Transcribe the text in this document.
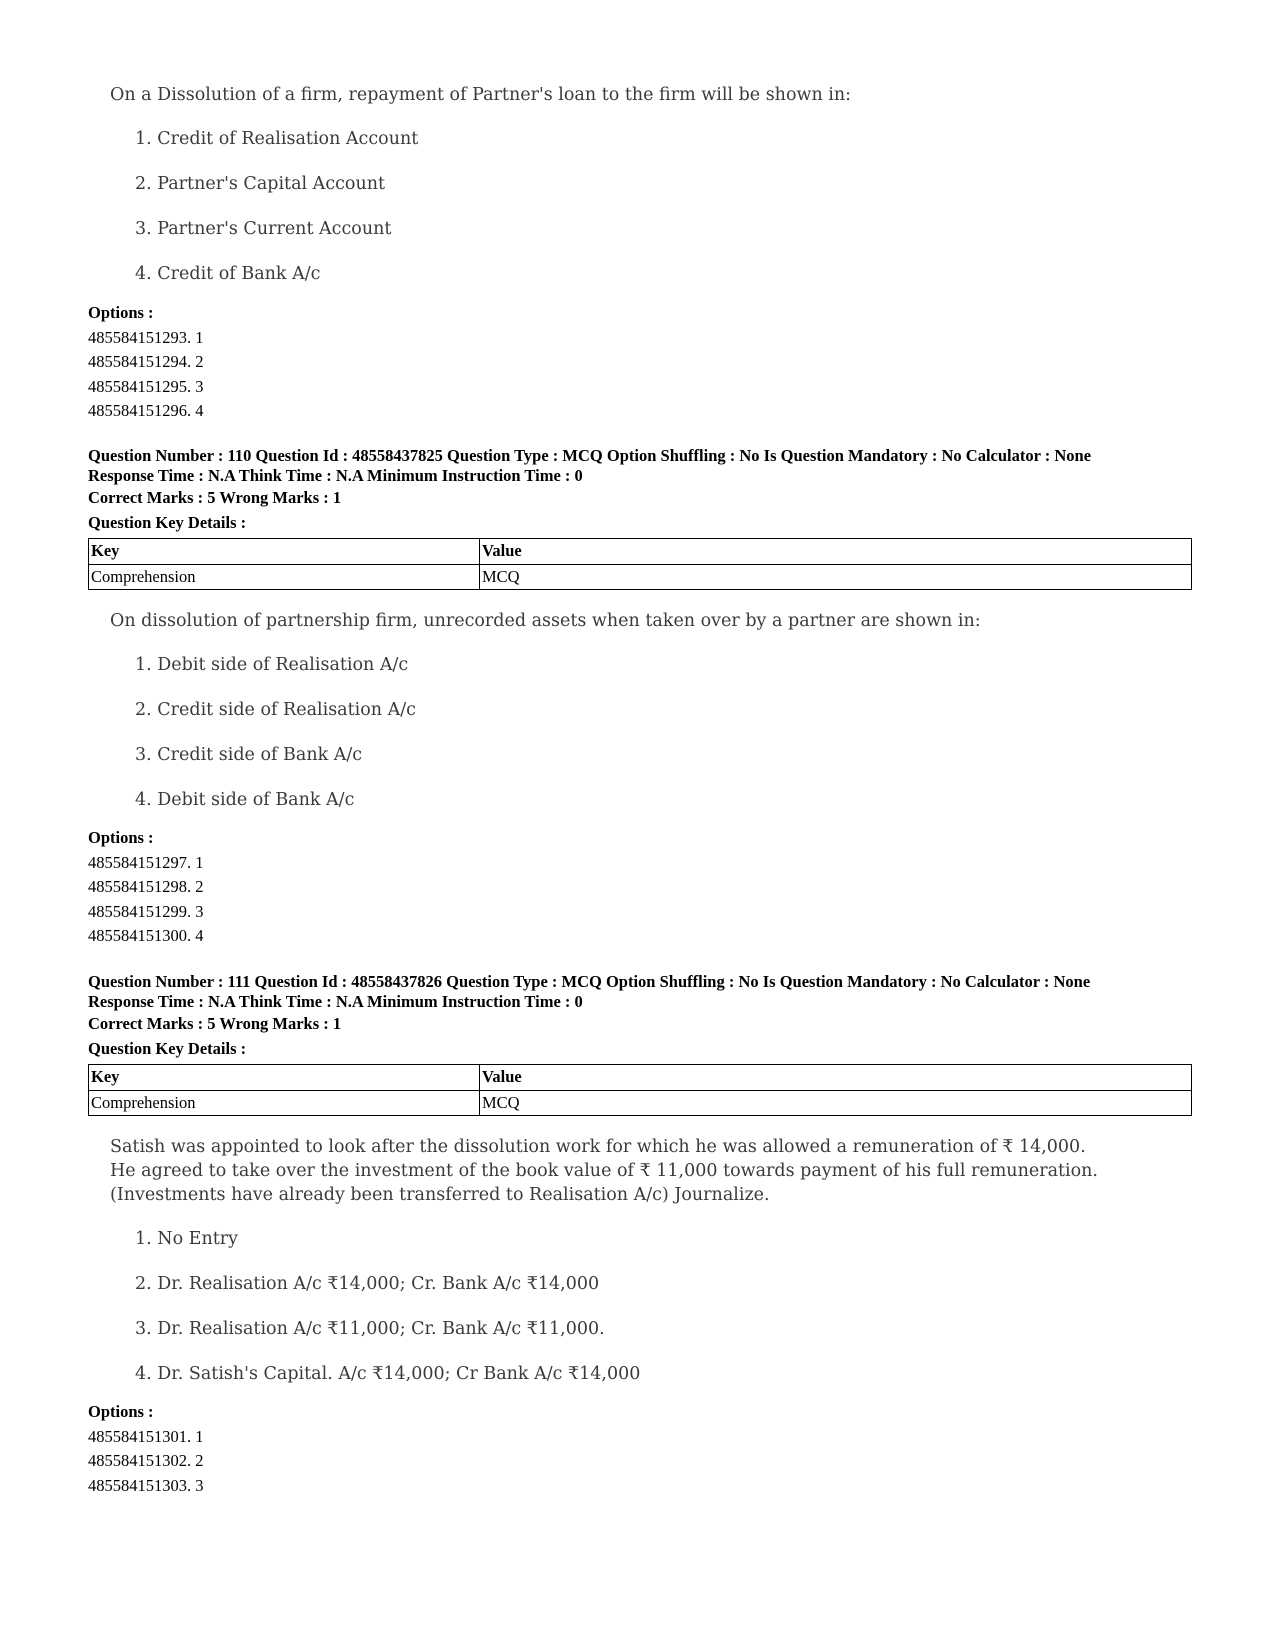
On a Dissolution of a firm, repayment of Partner's loan to the firm will be shown in:

1. Credit of Realisation Account

2. Partner's Capital Account

3. Partner's Current Account

4. Credit of Bank A/c

Options :
485584151293. 1
485584151294. 2
485584151295. 3
485584151296. 4
Question Number : 110 Question Id : 48558437825 Question Type : MCQ Option Shuffling : No Is Question Mandatory : No Calculator : None
Response Time : N.A Think Time : N.A Minimum Instruction Time : 0
Correct Marks : 5 Wrong Marks : 1
Question Key Details :
Key	Value
Comprehension	MCQ

On dissolution of partnership firm, unrecorded assets when taken over by a partner are shown in:

1. Debit side of Realisation A/c

2. Credit side of Realisation A/c

3. Credit side of Bank A/c

4. Debit side of Bank A/c

Options :
485584151297. 1
485584151298. 2
485584151299. 3
485584151300. 4
Question Number : 111 Question Id : 48558437826 Question Type : MCQ Option Shuffling : No Is Question Mandatory : No Calculator : None
Response Time : N.A Think Time : N.A Minimum Instruction Time : 0
Correct Marks : 5 Wrong Marks : 1
Question Key Details :
Key	Value
Comprehension	MCQ

Satish was appointed to look after the dissolution work for which he was allowed a remuneration of ₹ 14,000.

He agreed to take over the investment of the book value of ₹ 11,000 towards payment of his full remuneration.

(Investments have already been transferred to Realisation A/c) Journalize.

1. No Entry

2. Dr. Realisation A/c ₹14,000; Cr. Bank A/c ₹14,000

3. Dr. Realisation A/c ₹11,000; Cr. Bank A/c ₹11,000.

4. Dr. Satish's Capital. A/c ₹14,000; Cr Bank A/c ₹14,000

Options :
485584151301. 1
485584151302. 2
485584151303. 3
